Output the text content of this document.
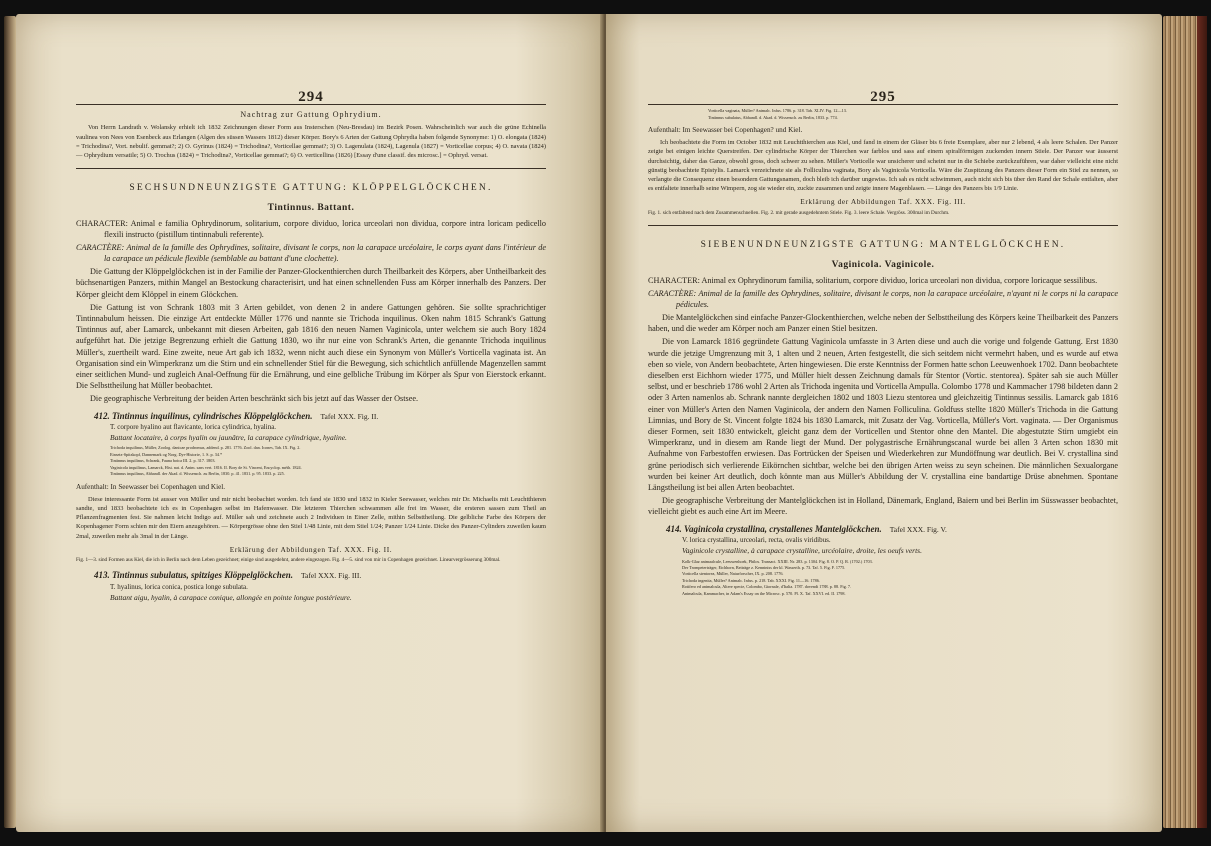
294

Nachtrag zur Gattung Ophrydium.

Von Herrn Landrath v. Wolansky erhielt ich 1832 Zeichnungen dieser Form aus Insterschen (Neu-Bresdau) im Bezirk Posen. Wahrscheinlich war auch die grüne Echinella vaulinea von Nees von Esenbeck aus Erlangen (Algen des süssen Wassers 1812) dieser Körper. Bory's 6 Arten der Gattung Ophrydia haben folgende Synonyme: 1) O. elongata (1824) = Trichodina?, Vort. nebulif. gemmat?; 2) O. Gyrinus (1824) = Trichodina?, Vorticellae gemmat?; 3) O. Lagenulata (1824), Lagenula (1827) = Vorticellae corpus; 4) O. navata (1824) — Ophrydium versatile; 5) O. Trochus (1824) = Trichodina?, Vorticellae gemmat?; 6) O. verticellina (1826) [Essay d'une classif. des microsc.] = Ophryd. versat.

SECHSUNDNEUNZIGSTE GATTUNG: KLÖPPELGLÖCKCHEN.

Tintinnus. Battant.

CHARACTER: Animal e familia Ophrydinorum, solitarium, corpore dividuo, lorica urceolari non dividua, corpore intra loricam pedicello flexili instructo (pistillum tintinnabuli referente).

CARACTÈRE: Animal de la famille des Ophrydines, solitaire, divisant le corps, non la carapace urcéolaire, le corps ayant dans l'intérieur de la carapace un pédicule flexible (semblable au battant d'une clochette).

Die Gattung der Klöppelglöckchen ist in der Familie der Panzer-Glockenthierchen durch Theilbarkeit des Körpers, aber Untheilbarkeit des büchsenartigen Panzers, mithin Mangel an Bestockung characterisirt, und hat einen schnellenden Fuss am Körper innerhalb des Panzers. Der Körper gleicht dem Klöppel in einem Glöckchen.

Die Gattung ist von Schrank 1803 mit 3 Arten gebildet, von denen 2 in andere Gattungen gehören. Sie sollte sprachrichtiger Tintinnabulum heissen. Die einzige Art entdeckte Müller 1776 und nannte sie Trichoda inquilinus. Oken nahm 1815 Schrank's Gattung Tintinnus auf, aber Lamarck, unbekannt mit diesen Arbeiten, gab 1816 den neuen Namen Vaginicola, unter welchem sie auch Bory 1824 aufgeführt hat. Die jetzige Begrenzung erhielt die Gattung 1830, wo ihr nur eine von Schrank's Arten, die genannte Trichoda inquilinus Müller's, zuertheilt ward. Eine zweite, neue Art gab ich 1832, wenn nicht auch diese ein Synonym von Müller's Vorticella vaginata ist. An Organisation sind ein Wimperkranz um die Stirn und ein schnellender Stiel für die Bewegung, sich schichtlich anfüllende Magenzellen sammt einer seitlichen Mund- und zugleich Anal-Oeffnung für die Ernährung, und eine gelbliche Trübung im Körper als Spur von Eierstock erkannt. Die Selbsttheilung hat Müller beobachtet.

Die geographische Verbreitung der beiden Arten beschränkt sich bis jetzt auf das Wasser der Ostsee.

412. Tintinnus inquilinus, cylindrisches Klöppelglöckchen. Tafel XXX. Fig. II.

T. corpore hyalino aut flavicante, lorica cylindrica, hyalina.

Battant locataire, à corps hyalin ou jaunâtre, la carapace cylindrique, hyaline.

Trichoda inquilinus, Müller, Zoolog. danicae prodromus, addend. p. 281. 1776. Zool. dan. Icones, Tab. IX. Fig. 2.
Einsetz-Spitzkopf, Dannemark og Norg. Dyr-Historie, 1. S. p. 34.*
Tintinnus inquilinus, Schrank, Fauna boica III. 2. p. 317. 1803.
Vaginicola inquilinus, Lamarck, Hist. nat. d. Anim. sans vert. 1816. II. Bory de St. Vincent, Encyclop. méth. 1824.
Tintinnus inquilinus, Abhandl. der Akad. d. Wissensch. zu Berlin, 1830. p. 41. 1831. p. 95. 1833. p. 225.

Aufenthalt: In Seewasser bei Copenhagen und Kiel.

Diese interessante Form ist ausser von Müller und mir nicht beobachtet worden. Ich fand sie 1830 und 1832 in Kieler Seewasser, welches mir Dr. Michaelis mit Leuchtthieren sandte, und 1833 beobachtete ich es in Copenhagen selbst im Hafenwasser. Die letzteren Thierchen schwammen alle frei im Wasser, die ersteren sassen zum Theil an Pflanzenfragmenten fest. Sie nahmen leicht Indigo auf. Müller sah und zeichnete auch 2 Individuen in Einer Zelle, mithin Selbsttheilung. Die gelbliche Farbe des Körpers der Kopenhagener Form schien mir den Eiern anzugehören. — Körpergrösse ohne den Stiel 1/48 Linie, mit dem Stiel 1/24; Panzer 1/24 Linie. Dicke des Panzer-Cylinders zuweilen kaum 2mal, zuweilen mehr als 3mal in der Länge.

Erklärung der Abbildungen Taf. XXX. Fig. II.

Fig. 1—3. sind Formen aus Kiel, die ich in Berlin nach dem Leben gezeichnet; einige sind ausgedehnt, andere eingezogen. Fig. 4—5. sind von mir in Copenhagen gezeichnet. Linearvergrösserung 300mal.

413. Tintinnus subulatus, spitziges Klöppelglöckchen. Tafel XXX. Fig. III.

T. hyalinus, lorica conica, postica longe subulata.

Battant aigu, hyalin, à carapace conique, allongée en pointe longue postérieure.

295

Vorticella vaginata, Müller? Animalc. Infus. 1786. p. 318. Tab. XLIV. Fig. 12—13.
Tintinnus subulatus, Abhandl. d. Akad. d. Wissensch. zu Berlin, 1833. p. 774.

Aufenthalt: Im Seewasser bei Copenhagen? und Kiel.

Ich beobachtete die Form im October 1832 mit Leuchtthierchen aus Kiel, und fand in einem der Gläser bis 6 freie Exemplare, aber nur 2 lebend, 4 als leere Schalen. Der Panzer zeigte bei einigen leichte Querstreifen. Der cylindrische Körper der Thierchen war farblos und sass auf einem spiralförmigen zuckenden innern Stiele. Der Panzer war äusserst durchsichtig, daher das Ganze, obwohl gross, doch schwer zu sehen. Müller's Vorticelle war unsicherer und scheint nur in die Schiebe zurückzuführen, war daher vielleicht eine nicht günstig beobachtete Epistylis. Lamarck verzeichnete sie als Folliculina vaginata, Bory als Vaginicola Vorticella. Wäre die Zuspitzung des Panzers dieser Form ein Stiel zu nennen, so verlangte die Consequenz einen besondern Gattungsnamen, doch bleib ich darüber ungewiss. Ich sah es nicht schwimmen, auch nicht sich bis über den Rand der Schale entfalten, aber es entfaltete innerhalb seine Wimpern, zog sie wieder ein, zuckte zusammen und zeigte innere Magenblasen. — Länge des Panzers bis 1/9 Linie.

Erklärung der Abbildungen Taf. XXX. Fig. III.

Fig. 1. sich entfaltend nach dem Zusammenschnellen. Fig. 2. mit gerade ausgedehntem Stiele. Fig. 3. leere Schale. Vergröss. 300mal im Durchm.

SIEBENUNDNEUNZIGSTE GATTUNG: MANTELGLÖCKCHEN.

Vaginicola. Vaginicole.

CHARACTER: Animal ex Ophrydinorum familia, solitarium, corpore dividuo, lorica urceolari non dividua, corpore loricaque sessilibus.

CARACTÈRE: Animal de la famille des Ophrydines, solitaire, divisant le corps, non la carapace urcéolaire, n'ayant ni le corps ni la carapace pédicules.

Die Mantelglöckchen sind einfache Panzer-Glockenthierchen, welche neben der Selbsttheilung des Körpers keine Theilbarkeit des Panzers haben, und die weder am Körper noch am Panzer einen Stiel besitzen.

Die von Lamarck 1816 gegründete Gattung Vaginicola umfasste in 3 Arten diese und auch die vorige und folgende Gattung. Erst 1830 wurde die jetzige Umgrenzung mit 3, 1 alten und 2 neuen, Arten festgestellt, die sich seitdem nicht vermehrt haben, und es wurde auf etwa eben so viele, von Andern beobachtete, Arten hingewiesen. Die erste Kenntniss der Formen hatte schon Leeuwenhoek 1702. Dann beobachtete dieselben erst Eichhorn wieder 1775, und Müller hielt dessen Zeichnung damals für Stentor (Vortic. stentorea). Später sah sie auch Müller selbst, und er beschrieb 1786 wohl 2 Arten als Trichoda ingenita und Vorticella Ampulla. Colombo 1778 und Kammacher 1798 bildeten dann 2 oder 3 Arten namenlos ab. Schrank nannte dergleichen 1802 und 1803 Liezu stentorea und gleichzeitig Tintinnus sessilis. Lamarck gab 1816 einer von Müller's Arten den Namen Vaginicola, der andern den Namen Folliculina. Goldfuss stellte 1820 Müller's Trichoda in die Gattung Limnias, und Bory de St. Vincent folgte 1824 bis 1830 Lamarck, mit Zusatz der Vag. Vorticella, Müller's Vort. vaginata. — Der Organismus dieser Formen, seit 1830 entwickelt, gleicht ganz dem der Vorticellen und Stentor ohne den Mantel. Die abgestutzte Stirn umgiebt ein Wimperkranz, und in diesem am Rande liegt der Mund. Der polygastrische Ernährungscanal wurde bei allen 3 Arten schon 1830 mit Aufnahme von Farbestoffen erwiesen. Das Fortrücken der Speisen und Wiederkehren zur Mundöffnung war deutlich. Bei V. crystallina sind grüne periodisch sich verlierende Eikörnchen sichtbar, welche bei den übrigen Arten weiss zu seyn scheinen. Die männlichen Sexualorgane wurden bei keiner Art deutlich, doch könnte man aus Müller's Abbildung der V. crystallina eine bandartige Drüse abnehmen. Spontane Längstheilung ist bei allen Arten beobachtet.

Die geographische Verbreitung der Mantelglöckchen ist in Holland, Dänemark, England, Baiern und bei Berlin im Süsswasser beobachtet, vielleicht giebt es auch eine Art im Meere.

414. Vaginicola crystallina, crystallenes Mantelglöckchen. Tafel XXX. Fig. V.

V. lorica crystallina, urceolari, recta, ovalis viridibus.

Vaginicole crystalline, à carapace crystalline, urcéolaire, droite, les oeufs verts.

Kolk-Glaz animaalcule, Leeuwenhoek, Philos. Transact. XXIII. Nr. 283. p. 1304. Fig. 8. O. P. Q. R. (1702.) 1703.
Der Trompeterträger, Eichhorn, Beiträge z. Kenntniss der kl. Wasserth. p. 73. Taf. 5. Fig. F. 1775.
Vorticella stentorea, Müller, Naturforscher, IX. p. 208. 1776.
Trichoda ingenita, Müller? Animalc. Infus. p. 218. Tab. XXXI. Fig. 11—16. 1786.
Rotifero ed animalcula, Altere specie, Colombo, Giornale, d'Italia. 1787. dovendi 1788. p. 88. Fig. 7.
Animalcula, Kammacher, in Adam's Essay on the Microsc. p. 570. Pl. X. Taf. XXVI. ed. II. 1798.
